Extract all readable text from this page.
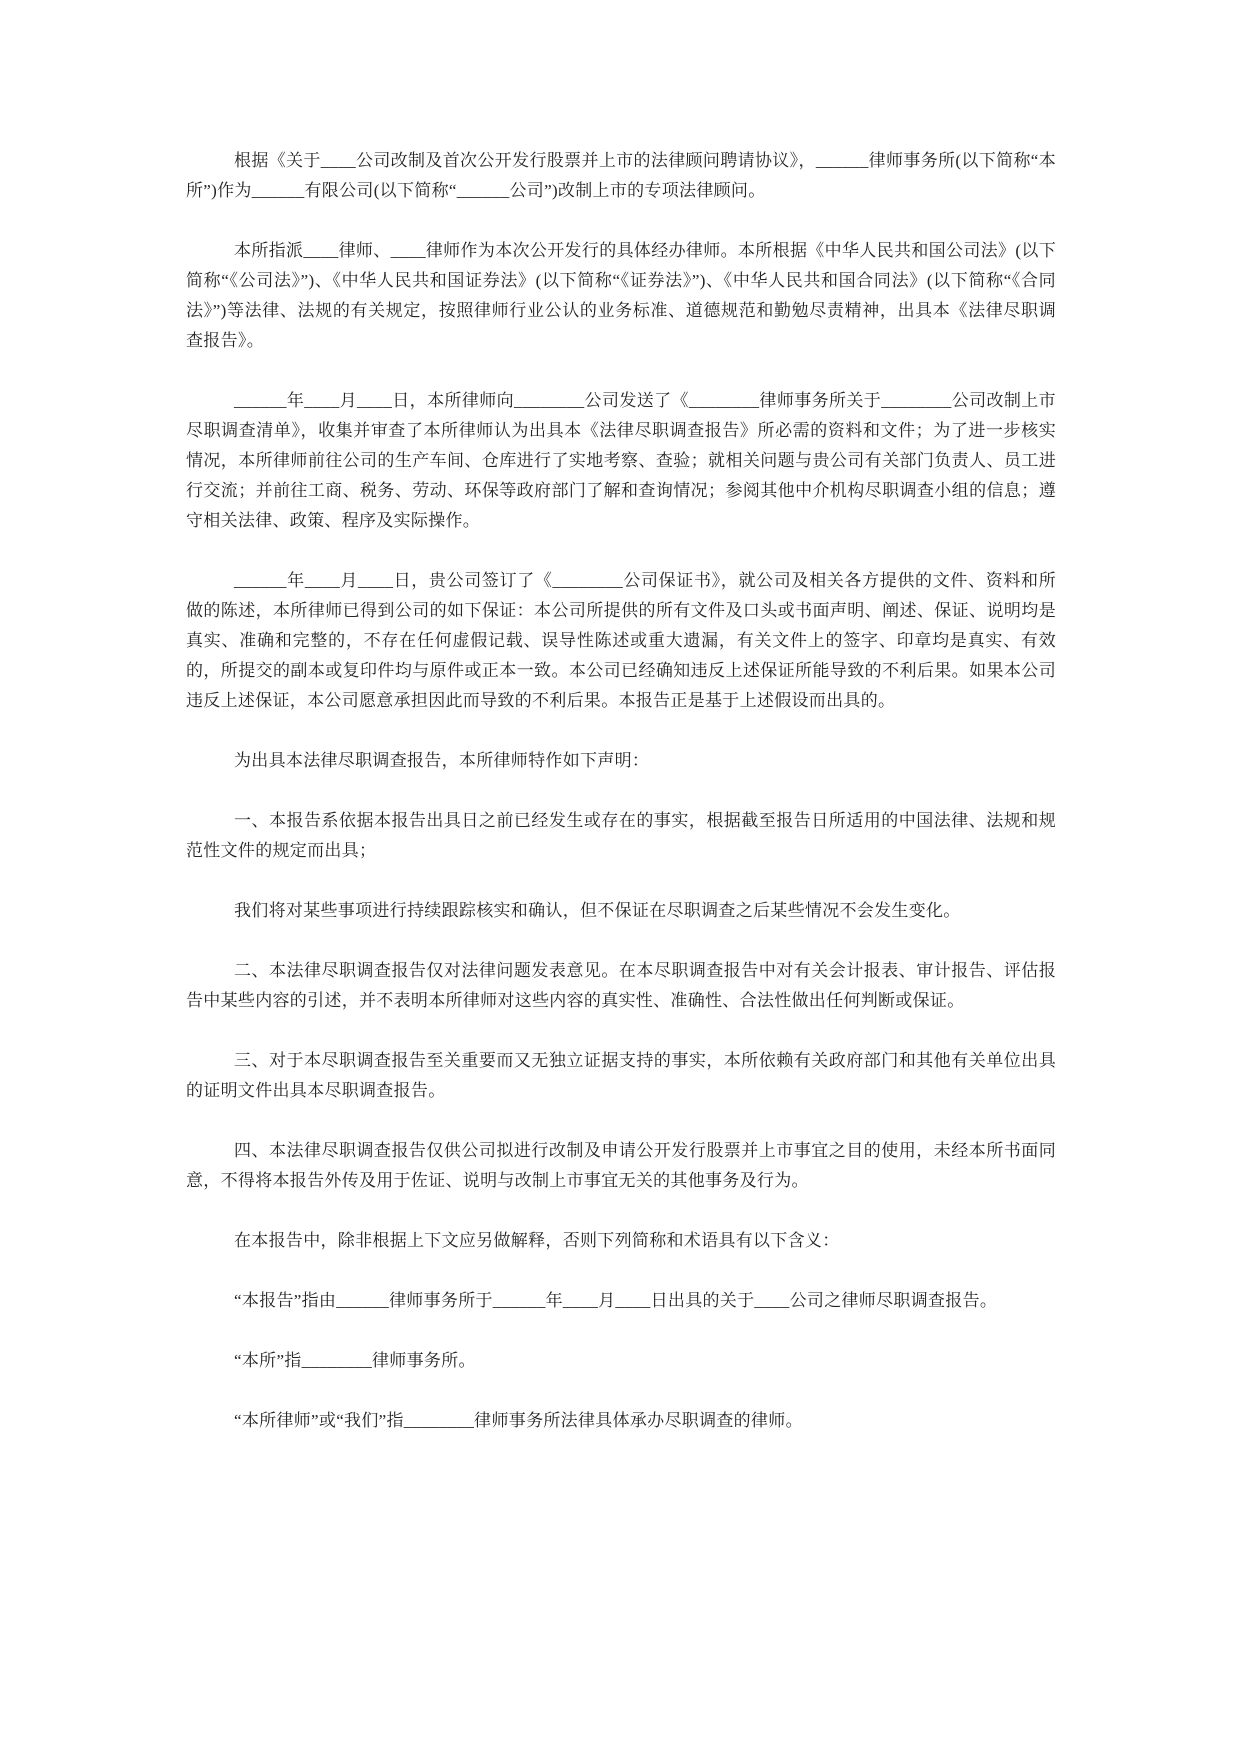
根据《关于____公司改制及首次公开发行股票并上市的法律顾问聘请协议》，______律师事务所(以下简称“本所”)作为______有限公司(以下简称“______公司”)改制上市的专项法律顾问。

本所指派____律师、____律师作为本次公开发行的具体经办律师。本所根据《中华人民共和国公司法》(以下简称“《公司法》”)、《中华人民共和国证券法》(以下简称“《证券法》”)、《中华人民共和国合同法》(以下简称“《合同法》”)等法律、法规的有关规定，按照律师行业公认的业务标准、道德规范和勤勉尽责精神，出具本《法律尽职调查报告》。

______年____月____日，本所律师向________公司发送了《________律师事务所关于________公司改制上市尽职调查清单》，收集并审查了本所律师认为出具本《法律尽职调查报告》所必需的资料和文件；为了进一步核实情况，本所律师前往公司的生产车间、仓库进行了实地考察、查验；就相关问题与贵公司有关部门负责人、员工进行交流；并前往工商、税务、劳动、环保等政府部门了解和查询情况；参阅其他中介机构尽职调查小组的信息；遵守相关法律、政策、程序及实际操作。

______年____月____日，贵公司签订了《________公司保证书》，就公司及相关各方提供的文件、资料和所做的陈述，本所律师已得到公司的如下保证：本公司所提供的所有文件及口头或书面声明、阐述、保证、说明均是真实、准确和完整的，不存在任何虚假记载、误导性陈述或重大遗漏，有关文件上的签字、印章均是真实、有效的，所提交的副本或复印件均与原件或正本一致。本公司已经确知违反上述保证所能导致的不利后果。如果本公司违反上述保证，本公司愿意承担因此而导致的不利后果。本报告正是基于上述假设而出具的。

为出具本法律尽职调查报告，本所律师特作如下声明：

一、本报告系依据本报告出具日之前已经发生或存在的事实，根据截至报告日所适用的中国法律、法规和规范性文件的规定而出具；

我们将对某些事项进行持续跟踪核实和确认，但不保证在尽职调查之后某些情况不会发生变化。

二、本法律尽职调查报告仅对法律问题发表意见。在本尽职调查报告中对有关会计报表、审计报告、评估报告中某些内容的引述，并不表明本所律师对这些内容的真实性、准确性、合法性做出任何判断或保证。

三、对于本尽职调查报告至关重要而又无独立证据支持的事实，本所依赖有关政府部门和其他有关单位出具的证明文件出具本尽职调查报告。

四、本法律尽职调查报告仅供公司拟进行改制及申请公开发行股票并上市事宜之目的使用，未经本所书面同意，不得将本报告外传及用于佐证、说明与改制上市事宜无关的其他事务及行为。

在本报告中，除非根据上下文应另做解释，否则下列简称和术语具有以下含义：

“本报告”指由______律师事务所于______年____月____日出具的关于____公司之律师尽职调查报告。

“本所”指________律师事务所。

“本所律师”或“我们”指________律师事务所法律具体承办尽职调查的律师。
